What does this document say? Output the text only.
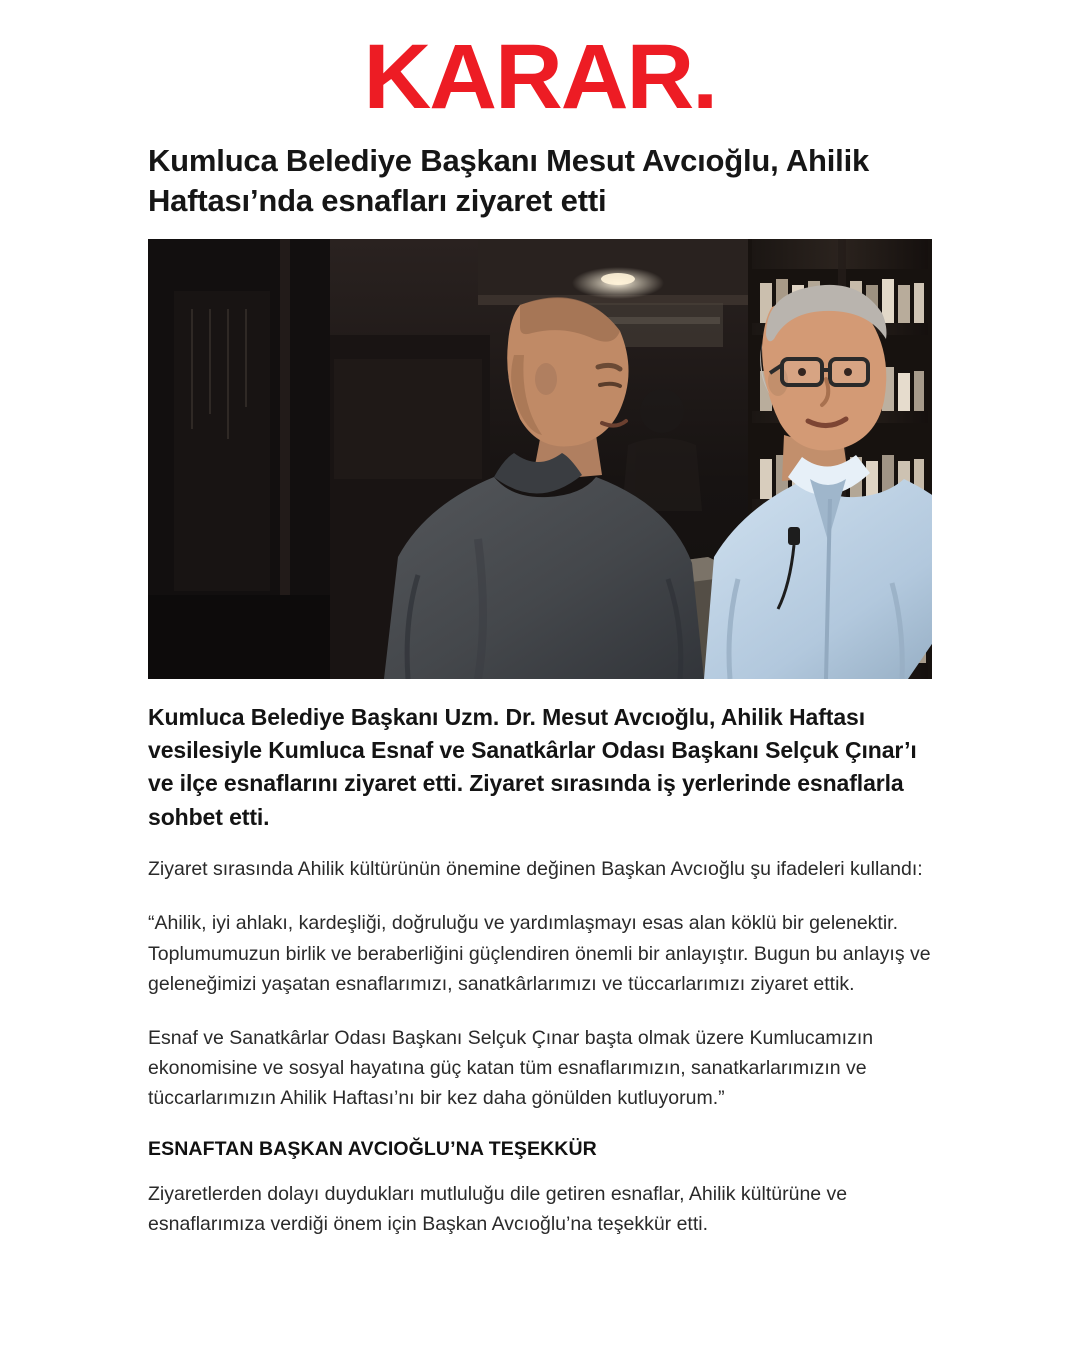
KARAR.
Kumluca Belediye Başkanı Mesut Avcıoğlu, Ahilik Haftası’nda esnafları ziyaret etti

Kumluca Belediye Başkanı Uzm. Dr. Mesut Avcıoğlu, Ahilik Haftası vesilesiyle Kumluca Esnaf ve Sanatkârlar Odası Başkanı Selçuk Çınar’ı ve ilçe esnaflarını ziyaret etti. Ziyaret sırasında iş yerlerinde esnaflarla sohbet etti.

Ziyaret sırasında Ahilik kültürünün önemine değinen Başkan Avcıoğlu şu ifadeleri kullandı:

“Ahilik, iyi ahlakı, kardeşliği, doğruluğu ve yardımlaşmayı esas alan köklü bir gelenektir. Toplumumuzun birlik ve beraberliğini güçlendiren önemli bir anlayıştır. Bugun bu anlayış ve geleneğimizi yaşatan esnaflarımızı, sanatkârlarımızı ve tüccarlarımızı ziyaret ettik.

Esnaf ve Sanatkârlar Odası Başkanı Selçuk Çınar başta olmak üzere Kumlucamızın ekonomisine ve sosyal hayatına güç katan tüm esnaflarımızın, sanatkarlarımızın ve tüccarlarımızın Ahilik Haftası’nı bir kez daha gönülden kutluyorum.”

ESNAFTAN BAŞKAN AVCIOĞLU’NA TEŞEKKÜR

Ziyaretlerden dolayı duydukları mutluluğu dile getiren esnaflar, Ahilik kültürüne ve esnaflarımıza verdiği önem için Başkan Avcıoğlu’na teşekkür etti.
